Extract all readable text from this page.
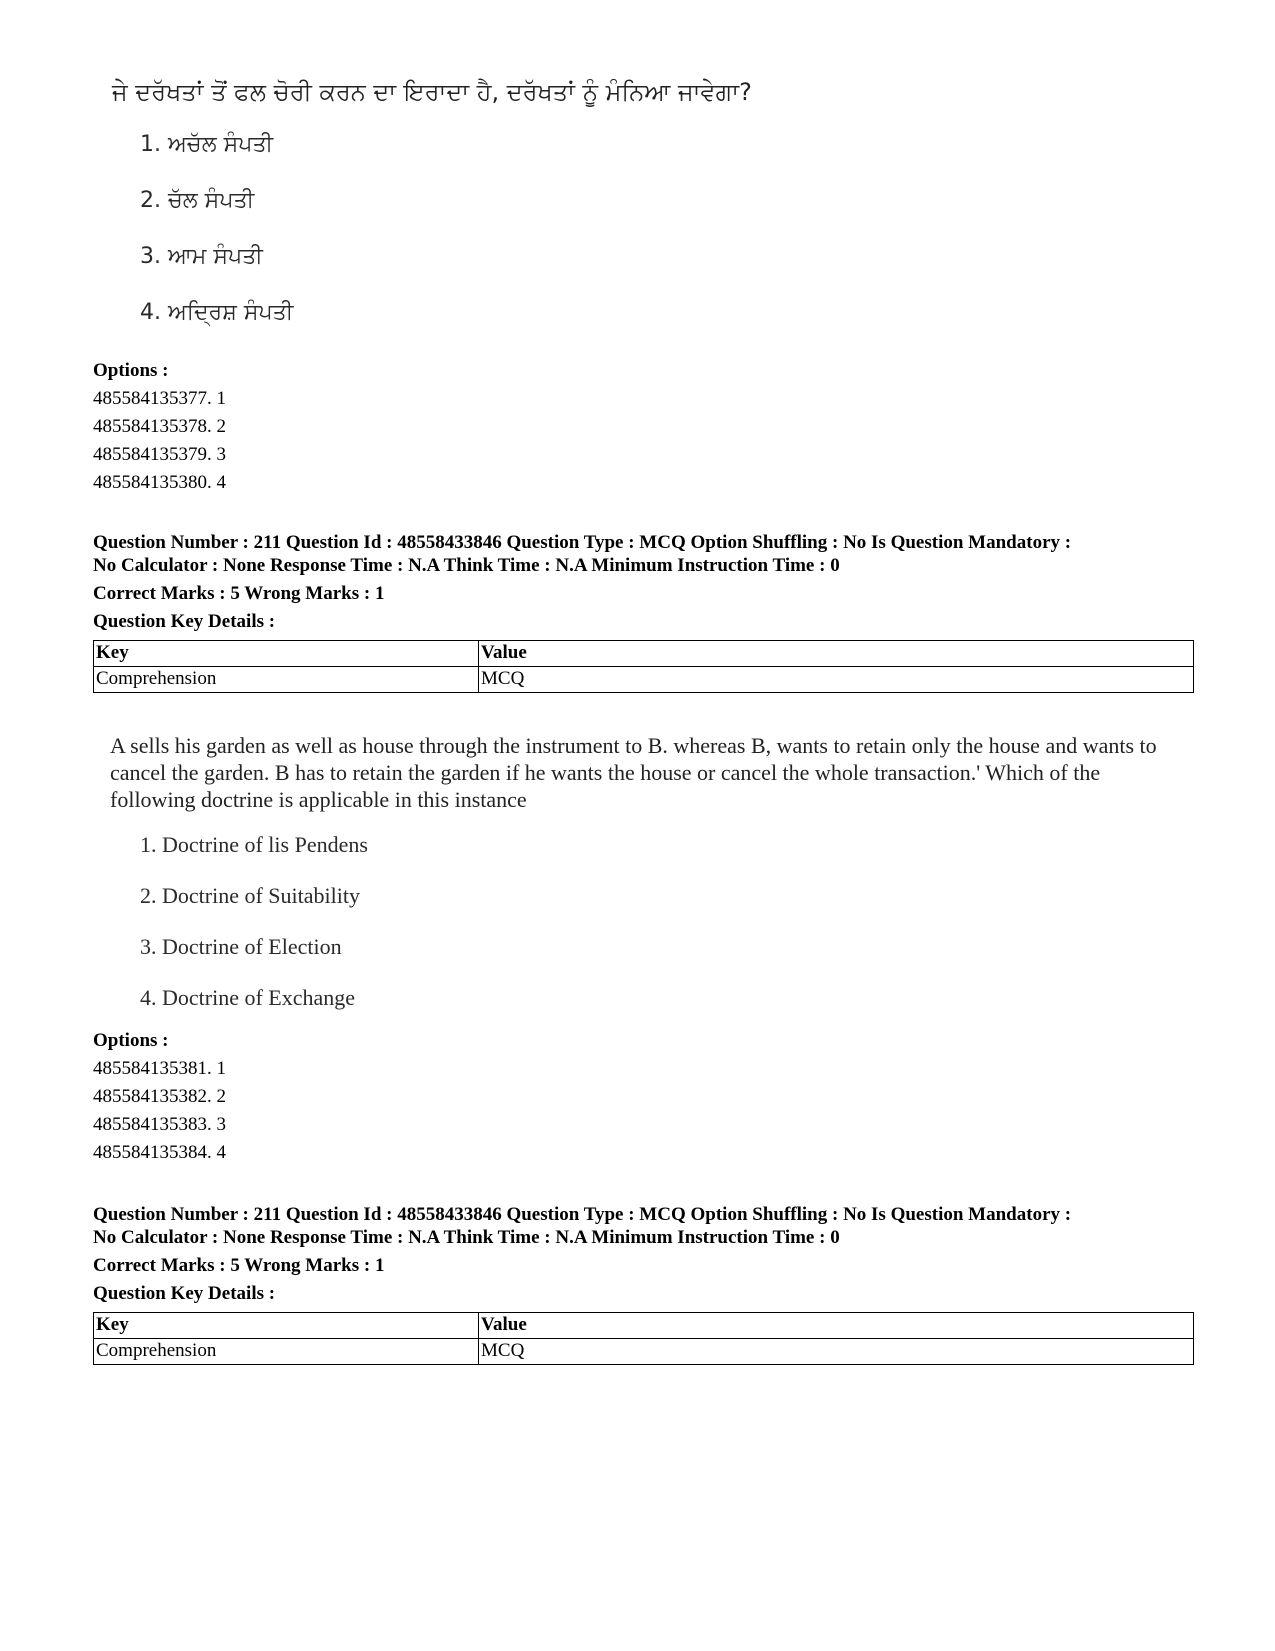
ਜੇ ਦਰੱਖਤਾਂ ਤੋਂ ਫਲ ਚੋਰੀ ਕਰਨ ਦਾ ਇਰਾਦਾ ਹੈ, ਦਰੱਖਤਾਂ ਨੂੰ ਮੰਨਿਆ ਜਾਵੇਗਾ?
1. ਅਚੱਲ ਸੰਪਤੀ
2. ਚੱਲ ਸੰਪਤੀ
3. ਆਮ ਸੰਪਤੀ
4. ਅਦ੍ਰਿਸ਼ ਸੰਪਤੀ
Options :
485584135377. 1
485584135378. 2
485584135379. 3
485584135380. 4
Question Number : 211 Question Id : 48558433846 Question Type : MCQ Option Shuffling : No Is Question Mandatory :
No Calculator : None Response Time : N.A Think Time : N.A Minimum Instruction Time : 0
Correct Marks : 5 Wrong Marks : 1
Question Key Details :
Key	Value
Comprehension	MCQ
A sells his garden as well as house through the instrument to B. whereas B, wants to retain only the house and wants to cancel the garden. B has to retain the garden if he wants the house or cancel the whole transaction.' Which of the following doctrine is applicable in this instance
1. Doctrine of lis Pendens
2. Doctrine of Suitability
3. Doctrine of Election
4. Doctrine of Exchange
Options :
485584135381. 1
485584135382. 2
485584135383. 3
485584135384. 4
Question Number : 211 Question Id : 48558433846 Question Type : MCQ Option Shuffling : No Is Question Mandatory :
No Calculator : None Response Time : N.A Think Time : N.A Minimum Instruction Time : 0
Correct Marks : 5 Wrong Marks : 1
Question Key Details :
Key	Value
Comprehension	MCQ
